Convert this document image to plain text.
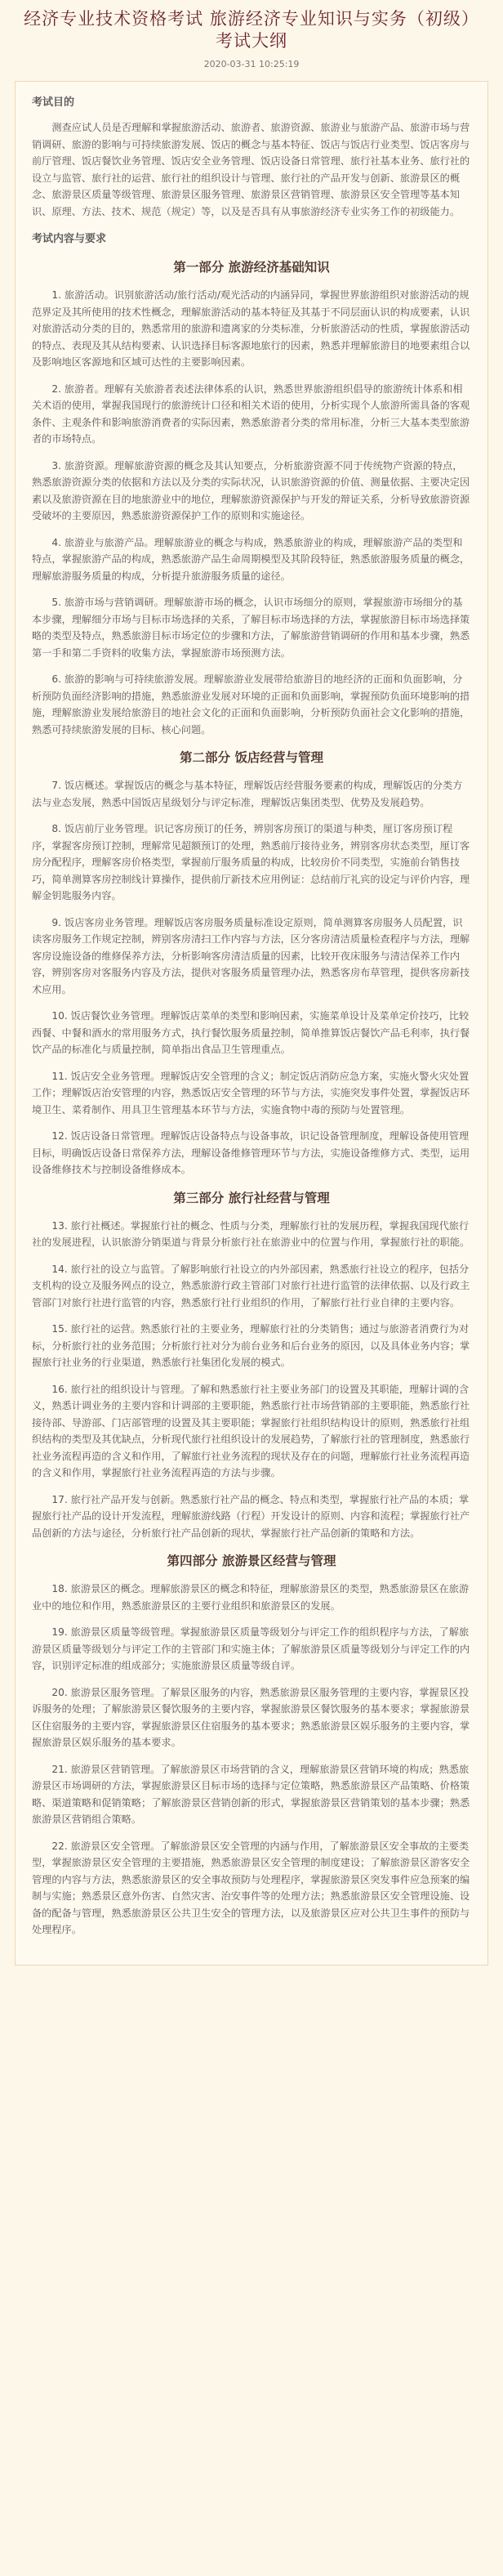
经济专业技术资格考试 旅游经济专业知识与实务（初级） 考试大纲
2020-03-31 10:25:19
考试目的

测查应试人员是否理解和掌握旅游活动、旅游者、旅游资源、旅游业与旅游产品、旅游市场与营销调研、旅游的影响与可持续旅游发展、饭店的概念与基本特征、饭店与饭店行业类型、饭店客房与前厅管理、饭店餐饮业务管理、饭店安全业务管理、饭店设备日常管理、旅行社基本业务、旅行社的设立与监管、旅行社的运营、旅行社的组织设计与管理、旅行社的产品开发与创新、旅游景区的概念、旅游景区质量等级管理、旅游景区服务管理、旅游景区营销管理、旅游景区安全管理等基本知识、原理、方法、技术、规范（规定）等，以及是否具有从事旅游经济专业实务工作的初级能力。

考试内容与要求
第一部分 旅游经济基础知识

1. 旅游活动。识别旅游活动/旅行活动/观光活动的内涵异同，掌握世界旅游组织对旅游活动的规范界定及其所使用的技术性概念，理解旅游活动的基本特征及其基于不同层面认识的构成要素，认识对旅游活动分类的目的，熟悉常用的旅游和遗离家的分类标准，分析旅游活动的性质，掌握旅游活动的特点、表现及其从结构要素、认识选择目标客源地旅行的因素，熟悉并理解旅游目的地要素组合以及影响地区客源地和区域可达性的主要影响因素。

2. 旅游者。理解有关旅游者表述法律体系的认识，熟悉世界旅游组织倡导的旅游统计体系和相关术语的使用，掌握我国现行的旅游统计口径和相关术语的使用，分析实现个人旅游所需具备的客观条件、主观条件和影响旅游消费者的实际因素，熟悉旅游者分类的常用标准，分析三大基本类型旅游者的市场特点。

3. 旅游资源。理解旅游资源的概念及其认知要点，分析旅游资源不同于传统物产资源的特点，熟悉旅游资源分类的依据和方法以及分类的实际状况，认识旅游资源的价值、测量依据、主要决定因素以及旅游资源在目的地旅游业中的地位，理解旅游资源保护与开发的辩证关系，分析导致旅游资源受破坏的主要原因，熟悉旅游资源保护工作的原则和实施途径。

4. 旅游业与旅游产品。理解旅游业的概念与构成，熟悉旅游业的构成，理解旅游产品的类型和特点，掌握旅游产品的构成，熟悉旅游产品生命周期模型及其阶段特征，熟悉旅游服务质量的概念，理解旅游服务质量的构成，分析提升旅游服务质量的途径。

5. 旅游市场与营销调研。理解旅游市场的概念，认识市场细分的原则，掌握旅游市场细分的基本步骤，理解细分市场与目标市场选择的关系，了解目标市场选择的方法，掌握旅游目标市场选择策略的类型及特点，熟悉旅游目标市场定位的步骤和方法，了解旅游营销调研的作用和基本步骤，熟悉第一手和第二手资料的收集方法，掌握旅游市场预测方法。

6. 旅游的影响与可持续旅游发展。理解旅游业发展带给旅游目的地经济的正面和负面影响，分析预防负面经济影响的措施，熟悉旅游业发展对环境的正面和负面影响，掌握预防负面环境影响的措施，理解旅游业发展给旅游目的地社会文化的正面和负面影响，分析预防负面社会文化影响的措施，熟悉可持续旅游发展的目标、核心问题。

第二部分 饭店经营与管理

7. 饭店概述。掌握饭店的概念与基本特征，理解饭店经营服务要素的构成，理解饭店的分类方法与业态发展，熟悉中国饭店星级划分与评定标准，理解饭店集团类型、优势及发展趋势。

8. 饭店前厅业务管理。识记客房预订的任务，辨别客房预订的渠道与种类，厘订客房预订程序，掌握客房预订控制，理解常见超额预订的处理，熟悉前厅接待业务，辨别客房状态类型，厘订客房分配程序，理解客房价格类型，掌握前厅服务质量的构成，比较房价不同类型，实施前台销售技巧，简单测算客房控制线计算操作，提供前厅新技术应用例证：总结前厅礼宾的设定与评价内容，理解金钥匙服务内容。

9. 饭店客房业务管理。理解饭店客房服务质量标准设定原则，简单测算客房服务人员配置，识读客房服务工作规定控制，辨别客房清扫工作内容与方法，区分客房清洁质量检查程序与方法，理解客房设施设备的维修保养方法，分析影响客房清洁质量的因素，比较开夜床服务与清洁保养工作内容，辨别客房对客服务内容及方法，提供对客服务质量管理办法，熟悉客房布草管理，提供客房新技术应用。

10. 饭店餐饮业务管理。理解饭店菜单的类型和影响因素，实施菜单设计及菜单定价技巧，比较西餐、中餐和酒水的常用服务方式，执行餐饮服务质量控制，简单推算饭店餐饮产品毛利率，执行餐饮产品的标准化与质量控制，简单指出食品卫生管理重点。

11. 饭店安全业务管理。理解饭店安全管理的含义；制定饭店消防应急方案，实施火警火灾处置工作；理解饭店治安管理的内容，熟悉饭店安全管理的环节与方法，实施突发事件处置，掌握饭店环境卫生、菜肴制作、用具卫生管理基本环节与方法，实施食物中毒的预防与处置管理。

12. 饭店设备日常管理。理解饭店设备特点与设备事故，识记设备管理制度，理解设备使用管理目标，明确饭店设备日常保养方法，理解设备维修管理环节与方法，实施设备维修方式、类型，运用设备维修技术与控制设备维修成本。

第三部分 旅行社经营与管理

13. 旅行社概述。掌握旅行社的概念、性质与分类，理解旅行社的发展历程，掌握我国现代旅行社的发展进程，认识旅游分销渠道与背景分析旅行社在旅游业中的位置与作用，掌握旅行社的职能。

14. 旅行社的设立与监管。了解影响旅行社设立的内外部因素，熟悉旅行社设立的程序，包括分支机构的设立及服务网点的设立，熟悉旅游行政主管部门对旅行社进行监管的法律依据、以及行政主管部门对旅行社进行监管的内容，熟悉旅行社行业组织的作用，了解旅行社行业自律的主要内容。

15. 旅行社的运营。熟悉旅行社的主要业务，理解旅行社的分类销售；通过与旅游者消费行为对标，分析旅行社的业务范围；分析旅行社对分为前台业务和后台业务的原因，以及具体业务内容；掌握旅行社业务的行业渠道，熟悉旅行社集团化发展的模式。

16. 旅行社的组织设计与管理。了解和熟悉旅行社主要业务部门的设置及其职能，理解计调的含义，熟悉计调业务的主要内容和计调部的主要职能，熟悉旅行社市场营销部的主要职能，熟悉旅行社接待部、导游部、门店部管理的设置及其主要职能；掌握旅行社组织结构设计的原则，熟悉旅行社组织结构的类型及其优缺点，分析现代旅行社组织设计的发展趋势，了解旅行社的管理制度，熟悉旅行社业务流程再造的含义和作用，了解旅行社业务流程的现状及存在的问题，理解旅行社业务流程再造的含义和作用，掌握旅行社业务流程再造的方法与步骤。

17. 旅行社产品开发与创新。熟悉旅行社产品的概念、特点和类型，掌握旅行社产品的本质；掌握旅行社产品的设计开发流程，理解旅游线路（行程）开发设计的原则、内容和流程；掌握旅行社产品创新的方法与途径，分析旅行社产品创新的现状，掌握旅行社产品创新的策略和方法。

第四部分 旅游景区经营与管理

18. 旅游景区的概念。理解旅游景区的概念和特征，理解旅游景区的类型，熟悉旅游景区在旅游业中的地位和作用，熟悉旅游景区的主要行业组织和旅游景区的发展。

19. 旅游景区质量等级管理。掌握旅游景区质量等级划分与评定工作的组织程序与方法，了解旅游景区质量等级划分与评定工作的主管部门和实施主体；了解旅游景区质量等级划分与评定工作的内容，识别评定标准的组成部分；实施旅游景区质量等级自评。

20. 旅游景区服务管理。了解景区服务的内容，熟悉旅游景区服务管理的主要内容，掌握景区投诉服务的处理；了解旅游景区餐饮服务的主要内容，掌握旅游景区餐饮服务的基本要求；掌握旅游景区住宿服务的主要内容，掌握旅游景区住宿服务的基本要求；熟悉旅游景区娱乐服务的主要内容，掌握旅游景区娱乐服务的基本要求。

21. 旅游景区营销管理。了解旅游景区市场营销的含义，理解旅游景区营销环境的构成；熟悉旅游景区市场调研的方法，掌握旅游景区目标市场的选择与定位策略，熟悉旅游景区产品策略、价格策略、渠道策略和促销策略；了解旅游景区营销创新的形式，掌握旅游景区营销策划的基本步骤；熟悉旅游景区营销组合策略。

22. 旅游景区安全管理。了解旅游景区安全管理的内涵与作用，了解旅游景区安全事故的主要类型，掌握旅游景区安全管理的主要措施，熟悉旅游景区安全管理的制度建设；了解旅游景区游客安全管理的内容与方法，熟悉旅游景区的安全事故预防与处理程序，掌握旅游景区突发事件应急预案的编制与实施；熟悉景区意外伤害、自然灾害、治安事件等的处理方法；熟悉旅游景区安全管理设施、设备的配备与管理，熟悉旅游景区公共卫生安全的管理方法，以及旅游景区应对公共卫生事件的预防与处理程序。
